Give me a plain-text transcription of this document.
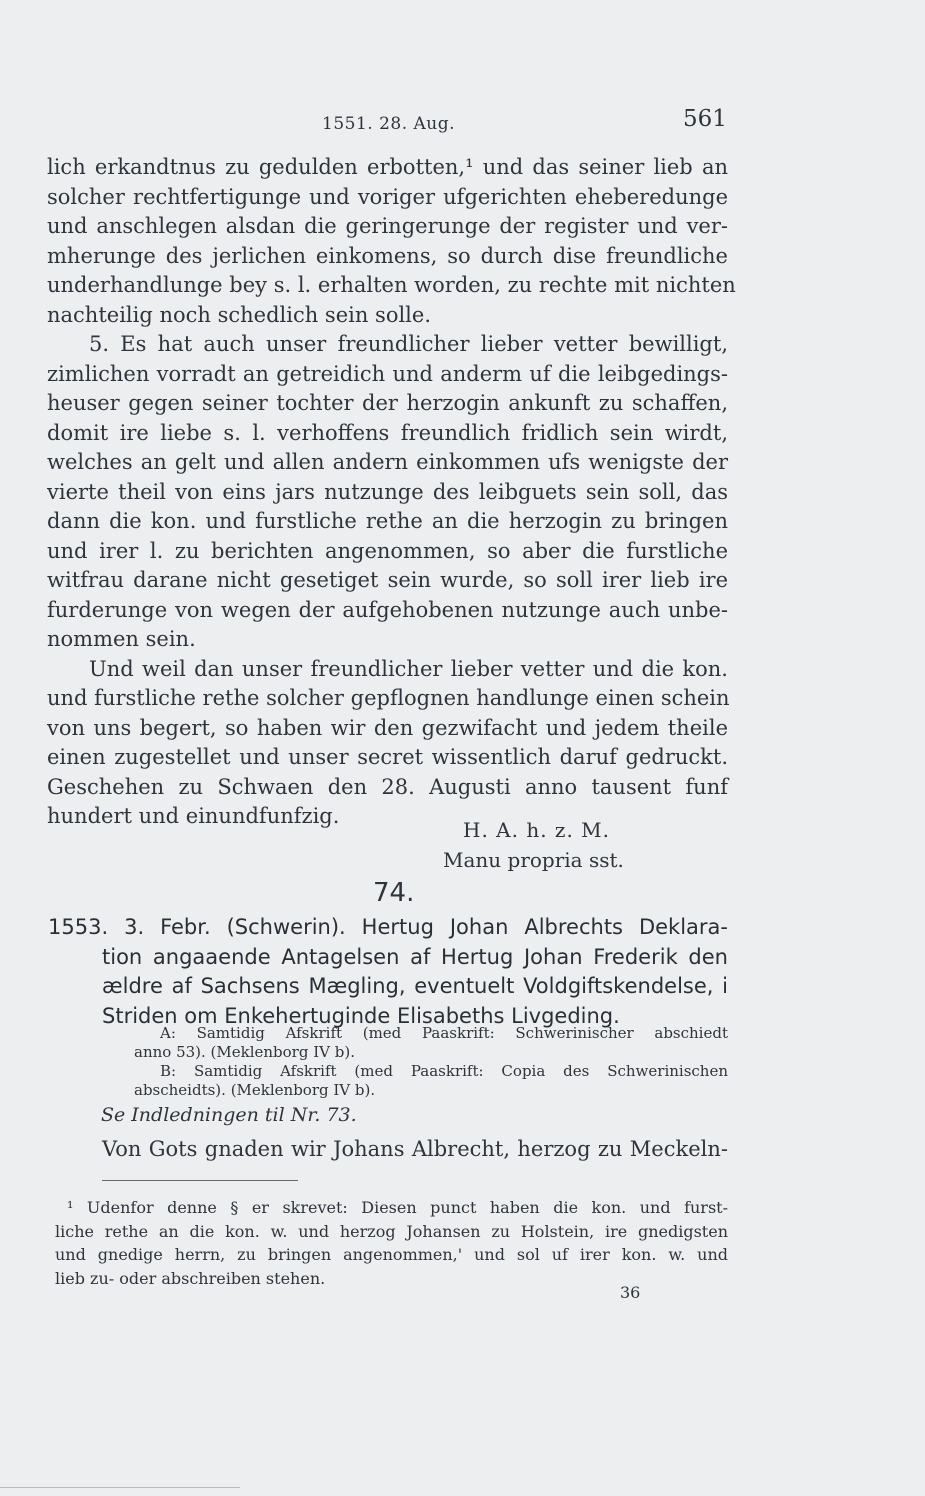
1551. 28. Aug.	561
lich erkandtnus zu gedulden erbotten,¹ und das seiner lieb an
solcher rechtfertigunge und voriger ufgerichten eheberedunge
und anschlegen alsdan die geringerunge der register und ver-
mherunge des jerlichen einkomens, so durch dise freundliche
underhandlunge bey s. l. erhalten worden, zu rechte mit nichten
nachteilig noch schedlich sein solle.
5. Es hat auch unser freundlicher lieber vetter bewilligt,
zimlichen vorradt an getreidich und anderm uf die leibgedings-
heuser gegen seiner tochter der herzogin ankunft zu schaffen,
domit ire liebe s. l. verhoffens freundlich fridlich sein wirdt,
welches an gelt und allen andern einkommen ufs wenigste der
vierte theil von eins jars nutzunge des leibguets sein soll, das
dann die kon. und furstliche rethe an die herzogin zu bringen
und irer l. zu berichten angenommen, so aber die furstliche
witfrau darane nicht gesetiget sein wurde, so soll irer lieb ire
furderunge von wegen der aufgehobenen nutzunge auch unbe-
nommen sein.
Und weil dan unser freundlicher lieber vetter und die kon.
und furstliche rethe solcher gepflognen handlunge einen schein
von uns begert, so haben wir den gezwifacht und jedem theile
einen zugestellet und unser secret wissentlich daruf gedruckt.
Geschehen zu Schwaen den 28. Augusti anno tausent funf
hundert und einundfunfzig.
H. A. h. z. M.
Manu propria sst.
74.
1553. 3. Febr. (Schwerin). Hertug Johan Albrechts Deklara-
tion angaaende Antagelsen af Hertug Johan Frederik den
ældre af Sachsens Mægling, eventuelt Voldgiftskendelse, i
Striden om Enkehertuginde Elisabeths Livgeding.
A: Samtidig Afskrift (med Paaskrift: Schwerinischer abschiedt
anno 53). (Meklenborg IV b).
B: Samtidig Afskrift (med Paaskrift: Copia des Schwerinischen
abscheidts). (Meklenborg IV b).
Se Indledningen til Nr. 73.
Von Gots gnaden wir Johans Albrecht, herzog zu Meckeln-
¹ Udenfor denne § er skrevet: Diesen punct haben die kon. und furst-
liche rethe an die kon. w. und herzog Johansen zu Holstein, ire gnedigsten
und gnedige herrn, zu bringen angenommen,' und sol uf irer kon. w. und
lieb zu- oder abschreiben stehen.
36
